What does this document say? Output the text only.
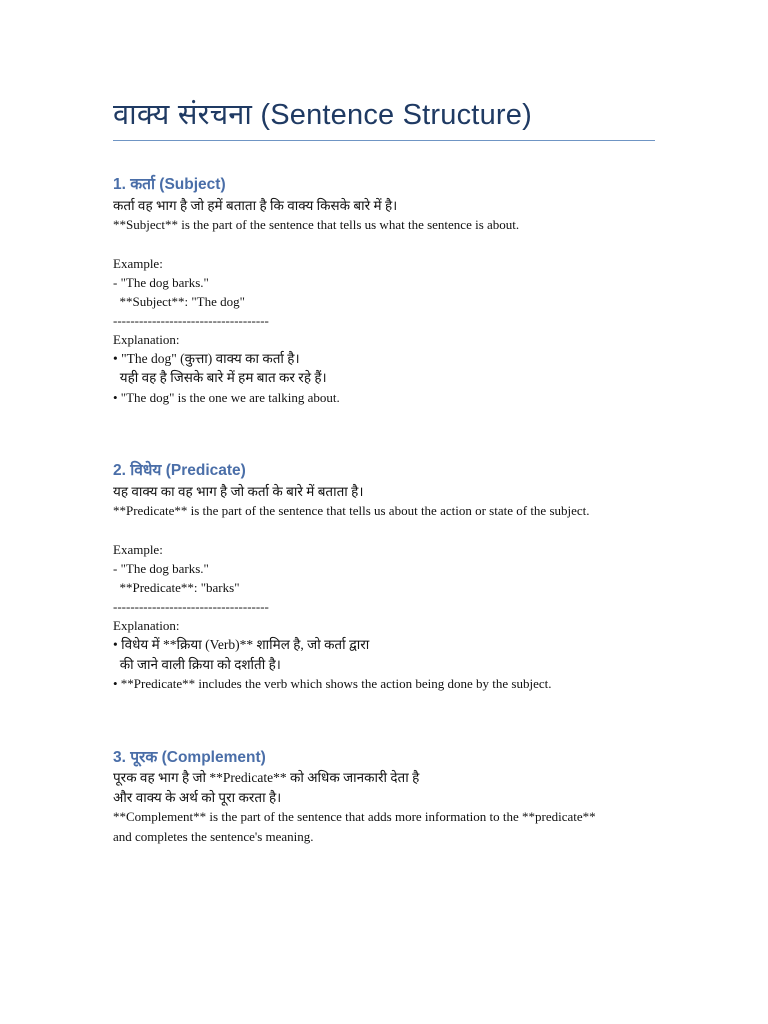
वाक्य संरचना (Sentence Structure)
1. कर्ता (Subject)
कर्ता वह भाग है जो हमें बताता है कि वाक्य किसके बारे में है।
**Subject** is the part of the sentence that tells us what the sentence is about.
Example:
- "The dog barks."
**Subject**: "The dog"
------------------------------------
Explanation:
• "The dog" (कुत्ता) वाक्य का कर्ता है।
यही वह है जिसके बारे में हम बात कर रहे हैं।
• "The dog" is the one we are talking about.
2. विधेय (Predicate)
यह वाक्य का वह भाग है जो कर्ता के बारे में बताता है।
**Predicate** is the part of the sentence that tells us about the action or state of the subject.
Example:
- "The dog barks."
**Predicate**: "barks"
------------------------------------
Explanation:
• विधेय में **क्रिया (Verb)** शामिल है, जो कर्ता द्वारा
की जाने वाली क्रिया को दर्शाती है।
• **Predicate** includes the verb which shows the action being done by the subject.
3. पूरक (Complement)
पूरक वह भाग है जो **Predicate** को अधिक जानकारी देता है
और वाक्य के अर्थ को पूरा करता है।
**Complement** is the part of the sentence that adds more information to the **predicate**
and completes the sentence's meaning.
